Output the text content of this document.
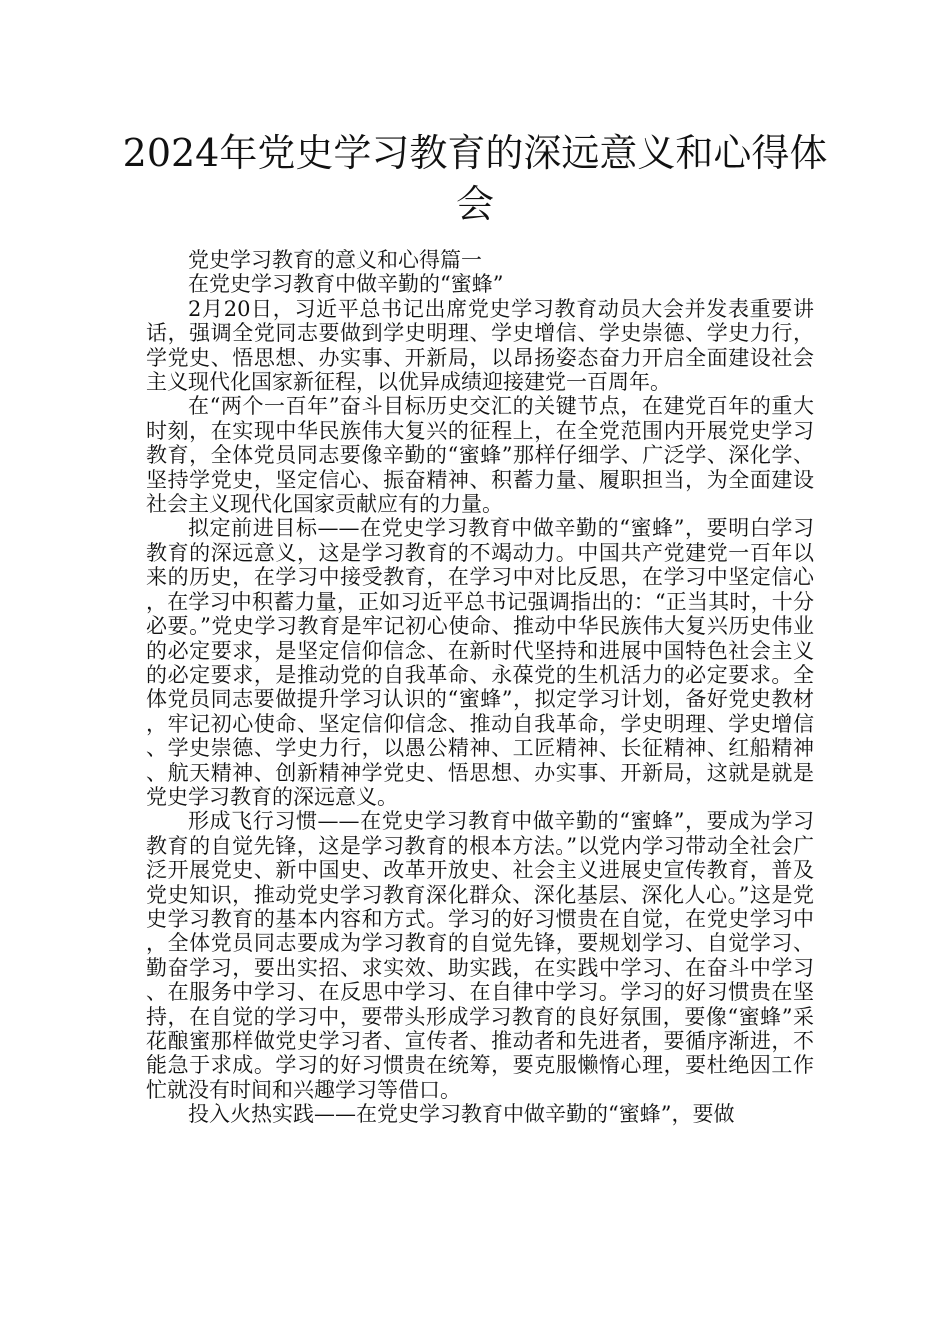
2024年党史学习教育的深远意义和心得体会

党史学习教育的意义和心得篇一

在党史学习教育中做辛勤的“蜜蜂”

2月20日，习近平总书记出席党史学习教育动员大会并发表重要讲话，强调全党同志要做到学史明理、学史增信、学史崇德、学史力行，学党史、悟思想、办实事、开新局，以昂扬姿态奋力开启全面建设社会主义现代化国家新征程，以优异成绩迎接建党一百周年。

在“两个一百年”奋斗目标历史交汇的关键节点，在建党百年的重大时刻，在实现中华民族伟大复兴的征程上，在全党范围内开展党史学习教育，全体党员同志要像辛勤的“蜜蜂”那样仔细学、广泛学、深化学、坚持学党史，坚定信心、振奋精神、积蓄力量、履职担当，为全面建设社会主义现代化国家贡献应有的力量。

拟定前进目标——在党史学习教育中做辛勤的“蜜蜂”，要明白学习教育的深远意义，这是学习教育的不竭动力。中国共产党建党一百年以来的历史，在学习中接受教育，在学习中对比反思，在学习中坚定信心，在学习中积蓄力量，正如习近平总书记强调指出的：“正当其时，十分必要。”党史学习教育是牢记初心使命、推动中华民族伟大复兴历史伟业的必定要求，是坚定信仰信念、在新时代坚持和进展中国特色社会主义的必定要求，是推动党的自我革命、永葆党的生机活力的必定要求。全体党员同志要做提升学习认识的“蜜蜂”，拟定学习计划，备好党史教材，牢记初心使命、坚定信仰信念、推动自我革命，学史明理、学史增信、学史崇德、学史力行，以愚公精神、工匠精神、长征精神、红船精神、航天精神、创新精神学党史、悟思想、办实事、开新局，这就是就是党史学习教育的深远意义。

形成飞行习惯——在党史学习教育中做辛勤的“蜜蜂”，要成为学习教育的自觉先锋，这是学习教育的根本方法。”以党内学习带动全社会广泛开展党史、新中国史、改革开放史、社会主义进展史宣传教育，普及党史知识，推动党史学习教育深化群众、深化基层、深化人心。”这是党史学习教育的基本内容和方式。学习的好习惯贵在自觉，在党史学习中，全体党员同志要成为学习教育的自觉先锋，要规划学习、自觉学习、勤奋学习，要出实招、求实效、助实践，在实践中学习、在奋斗中学习、在服务中学习、在反思中学习、在自律中学习。学习的好习惯贵在坚持，在自觉的学习中，要带头形成学习教育的良好氛围，要像“蜜蜂”采花酿蜜那样做党史学习者、宣传者、推动者和先进者，要循序渐进，不能急于求成。学习的好习惯贵在统筹，要克服懒惰心理，要杜绝因工作忙就没有时间和兴趣学习等借口。

投入火热实践——在党史学习教育中做辛勤的“蜜蜂”，要做
